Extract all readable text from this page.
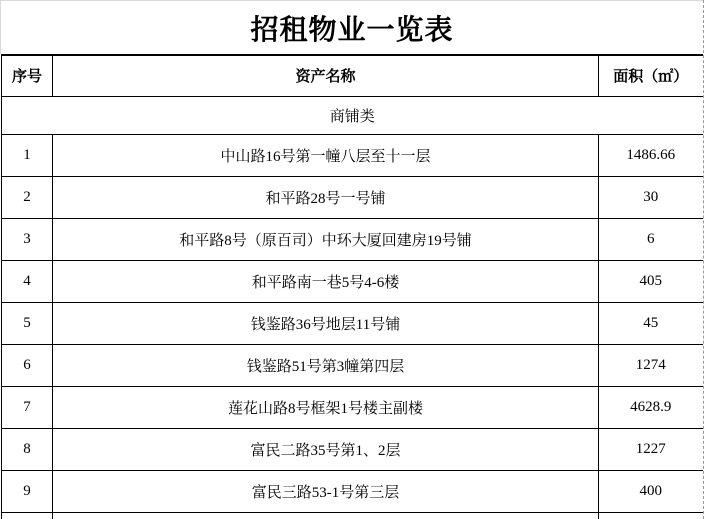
招租物业一览表
序号	资产名称	面积（㎡）
商铺类		
1	中山路16号第一幢八层至十一层	1486.66
2	和平路28号一号铺	30
3	和平路8号（原百司）中环大厦回建房19号铺	6
4	和平路南一巷5号4-6楼	405
5	钱鉴路36号地层11号铺	45
6	钱鉴路51号第3幢第四层	1274
7	莲花山路8号框架1号楼主副楼	4628.9
8	富民二路35号第1、2层	1227
9	富民三路53-1号第三层	400
